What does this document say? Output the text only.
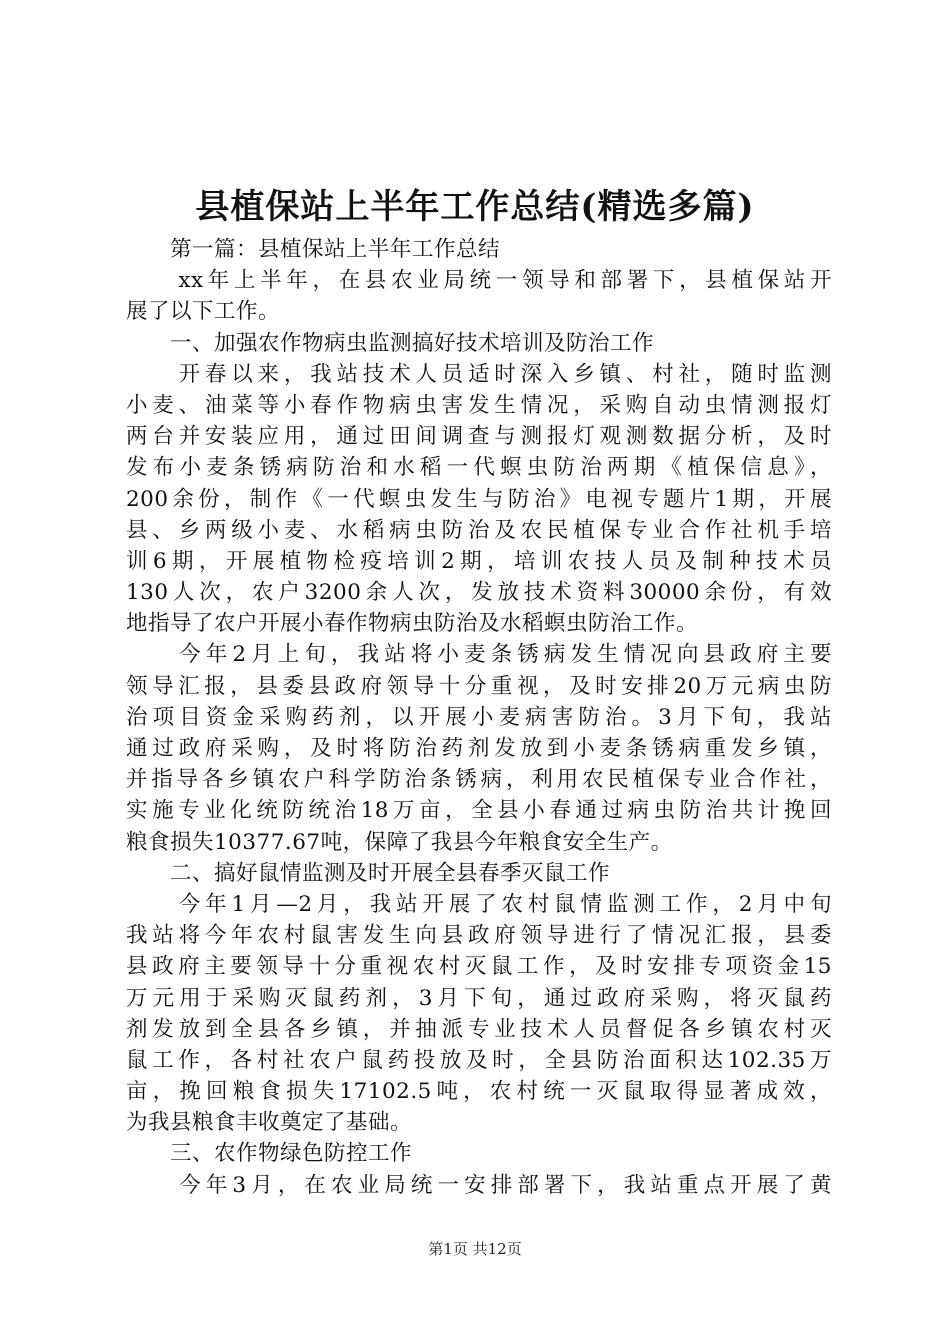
县植保站上半年工作总结(精选多篇)
　　第一篇：县植保站上半年工作总结
　　xx年上半年，在县农业局统一领导和部署下，县植保站开
展了以下工作。
　　一、加强农作物病虫监测搞好技术培训及防治工作
　　开春以来，我站技术人员适时深入乡镇、村社，随时监测
小麦、油菜等小春作物病虫害发生情况，采购自动虫情测报灯
两台并安装应用，通过田间调查与测报灯观测数据分析，及时
发布小麦条锈病防治和水稻一代螟虫防治两期《植保信息》，
200余份，制作《一代螟虫发生与防治》电视专题片1期，开展
县、乡两级小麦、水稻病虫防治及农民植保专业合作社机手培
训6期，开展植物检疫培训2期，培训农技人员及制种技术员
130人次，农户3200余人次，发放技术资料30000余份，有效
地指导了农户开展小春作物病虫防治及水稻螟虫防治工作。
　　今年2月上旬，我站将小麦条锈病发生情况向县政府主要
领导汇报，县委县政府领导十分重视，及时安排20万元病虫防
治项目资金采购药剂，以开展小麦病害防治。3月下旬，我站
通过政府采购，及时将防治药剂发放到小麦条锈病重发乡镇，
并指导各乡镇农户科学防治条锈病，利用农民植保专业合作社，
实施专业化统防统治18万亩，全县小春通过病虫防治共计挽回
粮食损失10377.67吨，保障了我县今年粮食安全生产。
　　二、搞好鼠情监测及时开展全县春季灭鼠工作
　　今年1月—2月，我站开展了农村鼠情监测工作，2月中旬
我站将今年农村鼠害发生向县政府领导进行了情况汇报，县委
县政府主要领导十分重视农村灭鼠工作，及时安排专项资金15
万元用于采购灭鼠药剂，3月下旬，通过政府采购，将灭鼠药
剂发放到全县各乡镇，并抽派专业技术人员督促各乡镇农村灭
鼠工作，各村社农户鼠药投放及时，全县防治面积达102.35万
亩，挽回粮食损失17102.5吨，农村统一灭鼠取得显著成效，
为我县粮食丰收奠定了基础。
　　三、农作物绿色防控工作
　　今年3月，在农业局统一安排部署下，我站重点开展了黄
第1页 共12页
